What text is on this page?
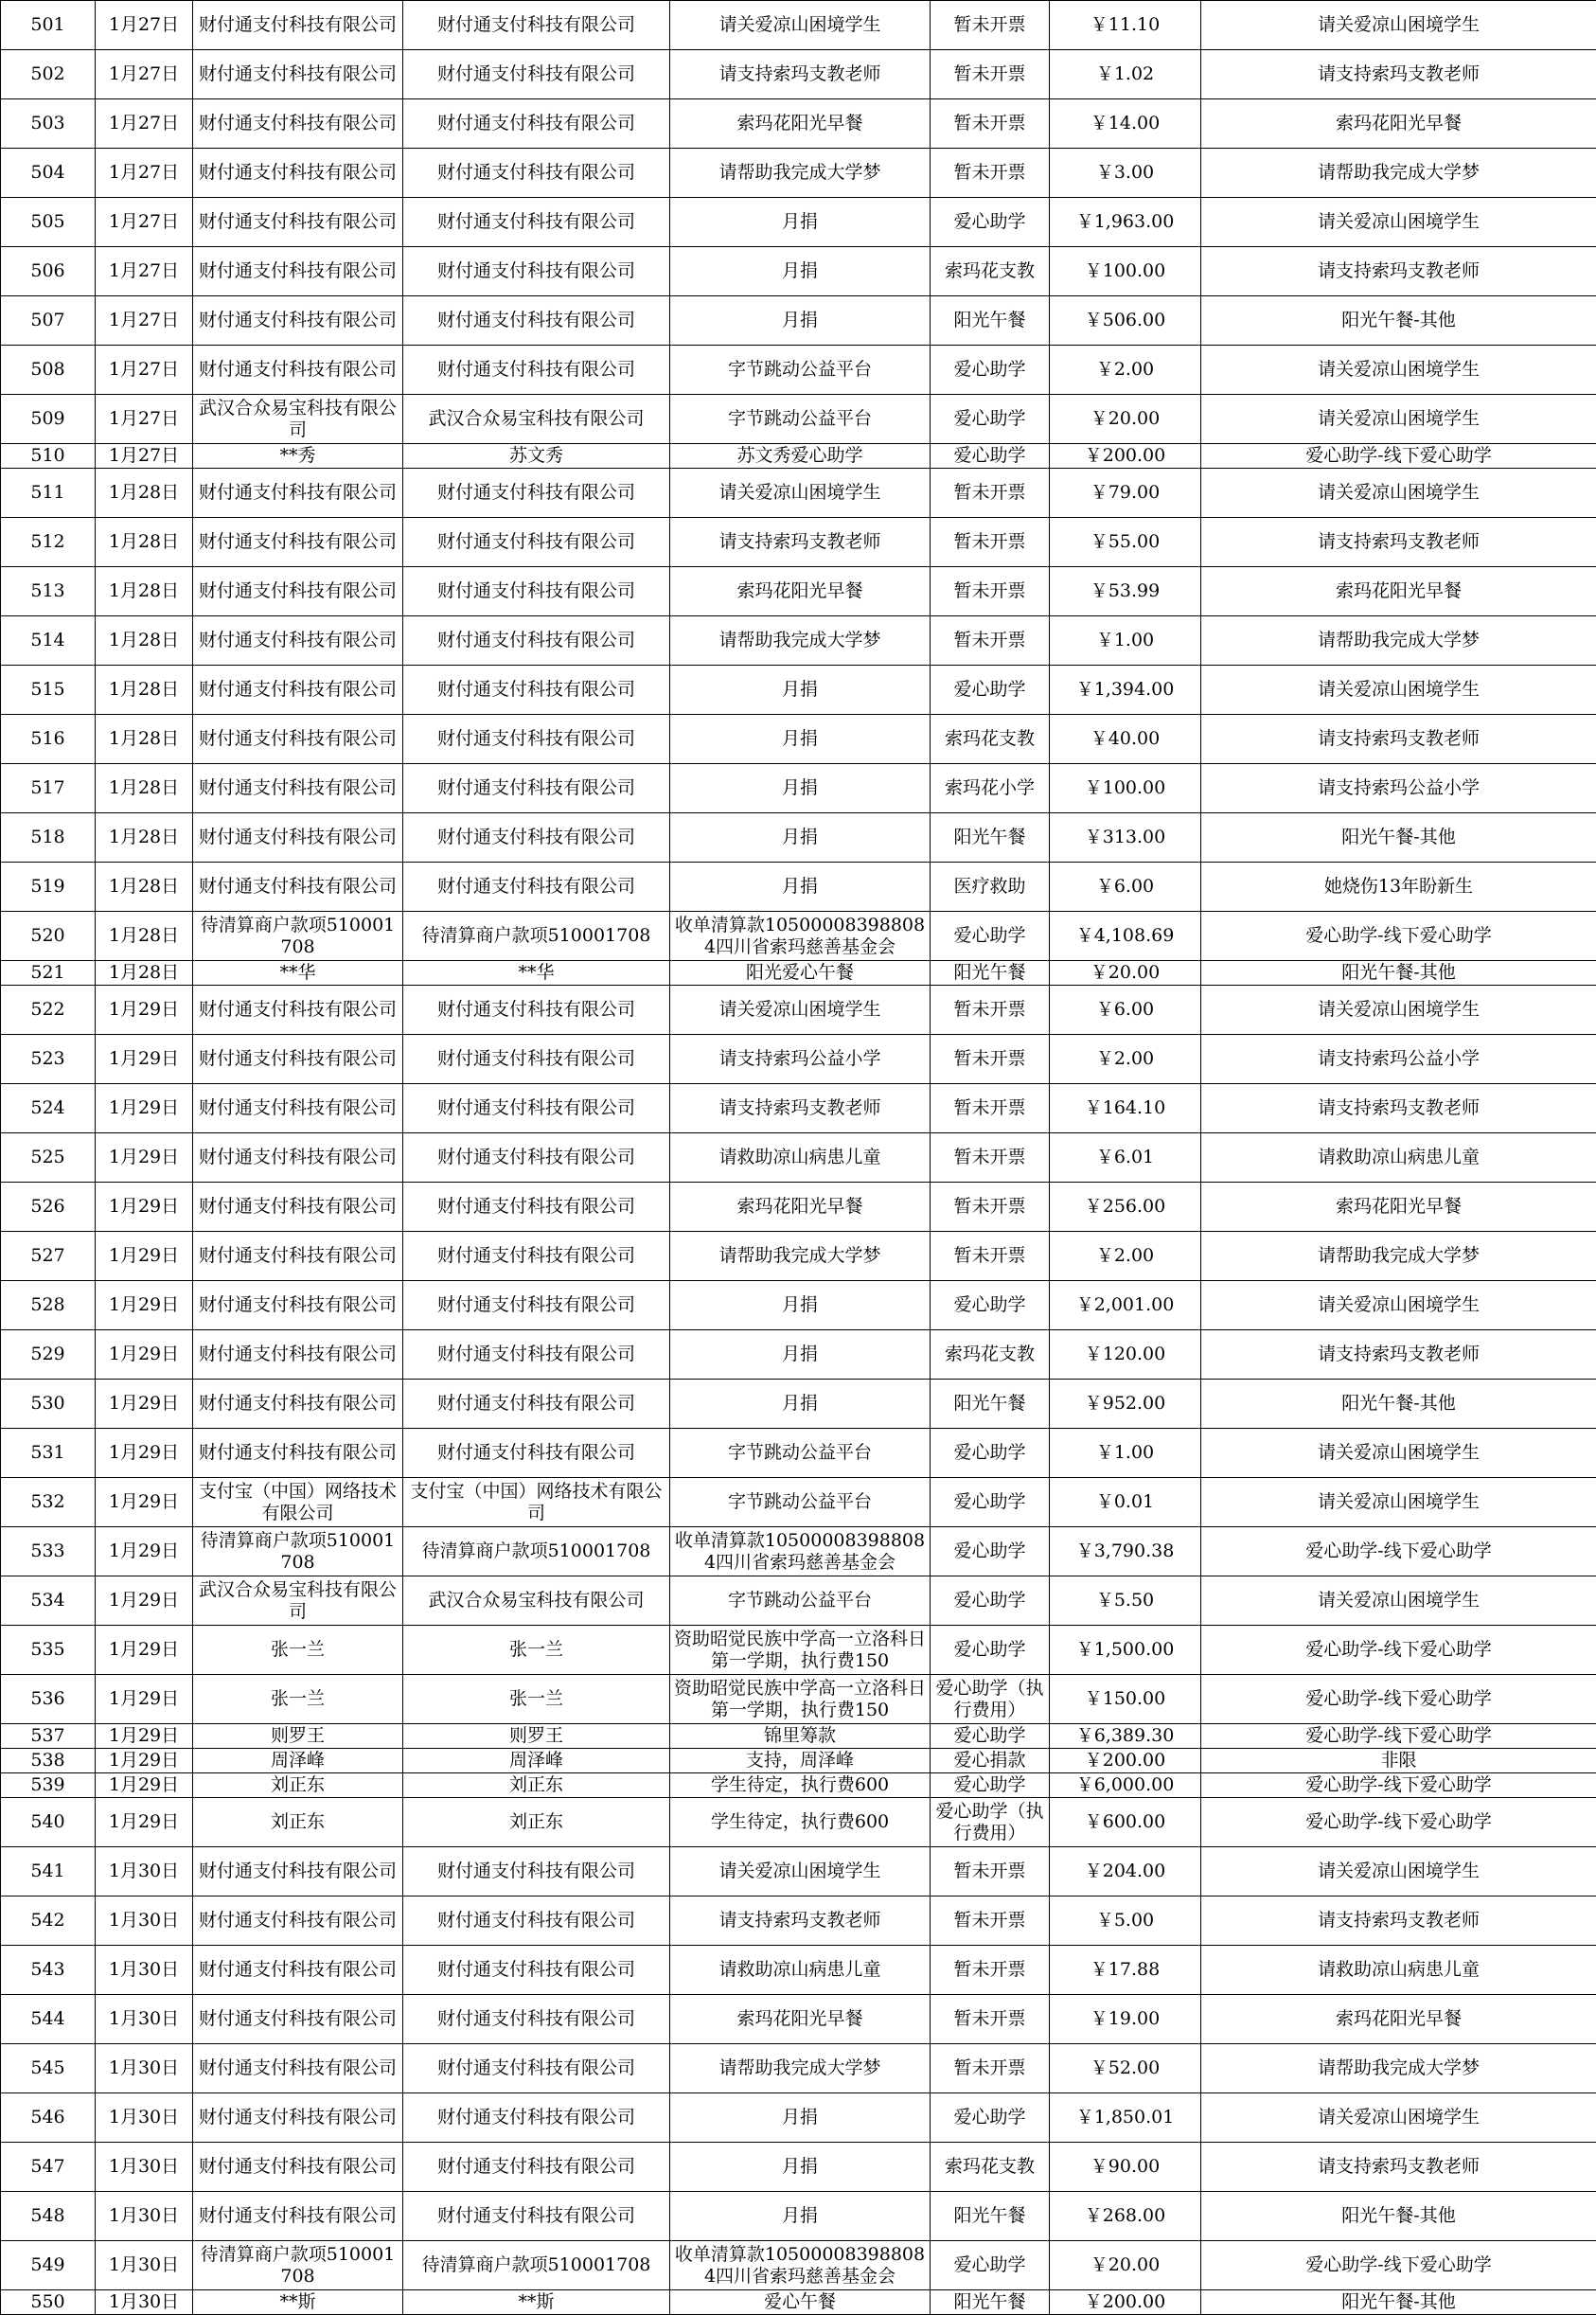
501	1月27日	财付通支付科技有限公司	财付通支付科技有限公司	请关爱凉山困境学生	暂未开票	￥11.10	请关爱凉山困境学生
502	1月27日	财付通支付科技有限公司	财付通支付科技有限公司	请支持索玛支教老师	暂未开票	￥1.02	请支持索玛支教老师
503	1月27日	财付通支付科技有限公司	财付通支付科技有限公司	索玛花阳光早餐	暂未开票	￥14.00	索玛花阳光早餐
504	1月27日	财付通支付科技有限公司	财付通支付科技有限公司	请帮助我完成大学梦	暂未开票	￥3.00	请帮助我完成大学梦
505	1月27日	财付通支付科技有限公司	财付通支付科技有限公司	月捐	爱心助学	￥1,963.00	请关爱凉山困境学生
506	1月27日	财付通支付科技有限公司	财付通支付科技有限公司	月捐	索玛花支教	￥100.00	请支持索玛支教老师
507	1月27日	财付通支付科技有限公司	财付通支付科技有限公司	月捐	阳光午餐	￥506.00	阳光午餐-其他
508	1月27日	财付通支付科技有限公司	财付通支付科技有限公司	字节跳动公益平台	爱心助学	￥2.00	请关爱凉山困境学生
509	1月27日	武汉合众易宝科技有限公司	武汉合众易宝科技有限公司	字节跳动公益平台	爱心助学	￥20.00	请关爱凉山困境学生
510	1月27日	**秀	苏文秀	苏文秀爱心助学	爱心助学	￥200.00	爱心助学-线下爱心助学
511	1月28日	财付通支付科技有限公司	财付通支付科技有限公司	请关爱凉山困境学生	暂未开票	￥79.00	请关爱凉山困境学生
512	1月28日	财付通支付科技有限公司	财付通支付科技有限公司	请支持索玛支教老师	暂未开票	￥55.00	请支持索玛支教老师
513	1月28日	财付通支付科技有限公司	财付通支付科技有限公司	索玛花阳光早餐	暂未开票	￥53.99	索玛花阳光早餐
514	1月28日	财付通支付科技有限公司	财付通支付科技有限公司	请帮助我完成大学梦	暂未开票	￥1.00	请帮助我完成大学梦
515	1月28日	财付通支付科技有限公司	财付通支付科技有限公司	月捐	爱心助学	￥1,394.00	请关爱凉山困境学生
516	1月28日	财付通支付科技有限公司	财付通支付科技有限公司	月捐	索玛花支教	￥40.00	请支持索玛支教老师
517	1月28日	财付通支付科技有限公司	财付通支付科技有限公司	月捐	索玛花小学	￥100.00	请支持索玛公益小学
518	1月28日	财付通支付科技有限公司	财付通支付科技有限公司	月捐	阳光午餐	￥313.00	阳光午餐-其他
519	1月28日	财付通支付科技有限公司	财付通支付科技有限公司	月捐	医疗救助	￥6.00	她烧伤13年盼新生
520	1月28日	待清算商户款项510001708	待清算商户款项510001708	收单清算款105000083988084四川省索玛慈善基金会	爱心助学	￥4,108.69	爱心助学-线下爱心助学
521	1月28日	**华	**华	阳光爱心午餐	阳光午餐	￥20.00	阳光午餐-其他
522	1月29日	财付通支付科技有限公司	财付通支付科技有限公司	请关爱凉山困境学生	暂未开票	￥6.00	请关爱凉山困境学生
523	1月29日	财付通支付科技有限公司	财付通支付科技有限公司	请支持索玛公益小学	暂未开票	￥2.00	请支持索玛公益小学
524	1月29日	财付通支付科技有限公司	财付通支付科技有限公司	请支持索玛支教老师	暂未开票	￥164.10	请支持索玛支教老师
525	1月29日	财付通支付科技有限公司	财付通支付科技有限公司	请救助凉山病患儿童	暂未开票	￥6.01	请救助凉山病患儿童
526	1月29日	财付通支付科技有限公司	财付通支付科技有限公司	索玛花阳光早餐	暂未开票	￥256.00	索玛花阳光早餐
527	1月29日	财付通支付科技有限公司	财付通支付科技有限公司	请帮助我完成大学梦	暂未开票	￥2.00	请帮助我完成大学梦
528	1月29日	财付通支付科技有限公司	财付通支付科技有限公司	月捐	爱心助学	￥2,001.00	请关爱凉山困境学生
529	1月29日	财付通支付科技有限公司	财付通支付科技有限公司	月捐	索玛花支教	￥120.00	请支持索玛支教老师
530	1月29日	财付通支付科技有限公司	财付通支付科技有限公司	月捐	阳光午餐	￥952.00	阳光午餐-其他
531	1月29日	财付通支付科技有限公司	财付通支付科技有限公司	字节跳动公益平台	爱心助学	￥1.00	请关爱凉山困境学生
532	1月29日	支付宝（中国）网络技术有限公司	支付宝（中国）网络技术有限公司	字节跳动公益平台	爱心助学	￥0.01	请关爱凉山困境学生
533	1月29日	待清算商户款项510001708	待清算商户款项510001708	收单清算款105000083988084四川省索玛慈善基金会	爱心助学	￥3,790.38	爱心助学-线下爱心助学
534	1月29日	武汉合众易宝科技有限公司	武汉合众易宝科技有限公司	字节跳动公益平台	爱心助学	￥5.50	请关爱凉山困境学生
535	1月29日	张一兰	张一兰	资助昭觉民族中学高一立洛科日 第一学期，执行费150	爱心助学	￥1,500.00	爱心助学-线下爱心助学
536	1月29日	张一兰	张一兰	资助昭觉民族中学高一立洛科日 第一学期，执行费150	爱心助学（执行费用）	￥150.00	爱心助学-线下爱心助学
537	1月29日	则罗王	则罗王	锦里筹款	爱心助学	￥6,389.30	爱心助学-线下爱心助学
538	1月29日	周泽峰	周泽峰	支持，周泽峰	爱心捐款	￥200.00	非限
539	1月29日	刘正东	刘正东	学生待定，执行费600	爱心助学	￥6,000.00	爱心助学-线下爱心助学
540	1月29日	刘正东	刘正东	学生待定，执行费600	爱心助学（执行费用）	￥600.00	爱心助学-线下爱心助学
541	1月30日	财付通支付科技有限公司	财付通支付科技有限公司	请关爱凉山困境学生	暂未开票	￥204.00	请关爱凉山困境学生
542	1月30日	财付通支付科技有限公司	财付通支付科技有限公司	请支持索玛支教老师	暂未开票	￥5.00	请支持索玛支教老师
543	1月30日	财付通支付科技有限公司	财付通支付科技有限公司	请救助凉山病患儿童	暂未开票	￥17.88	请救助凉山病患儿童
544	1月30日	财付通支付科技有限公司	财付通支付科技有限公司	索玛花阳光早餐	暂未开票	￥19.00	索玛花阳光早餐
545	1月30日	财付通支付科技有限公司	财付通支付科技有限公司	请帮助我完成大学梦	暂未开票	￥52.00	请帮助我完成大学梦
546	1月30日	财付通支付科技有限公司	财付通支付科技有限公司	月捐	爱心助学	￥1,850.01	请关爱凉山困境学生
547	1月30日	财付通支付科技有限公司	财付通支付科技有限公司	月捐	索玛花支教	￥90.00	请支持索玛支教老师
548	1月30日	财付通支付科技有限公司	财付通支付科技有限公司	月捐	阳光午餐	￥268.00	阳光午餐-其他
549	1月30日	待清算商户款项510001708	待清算商户款项510001708	收单清算款105000083988084四川省索玛慈善基金会	爱心助学	￥20.00	爱心助学-线下爱心助学
550	1月30日	**斯	**斯	爱心午餐	阳光午餐	￥200.00	阳光午餐-其他
